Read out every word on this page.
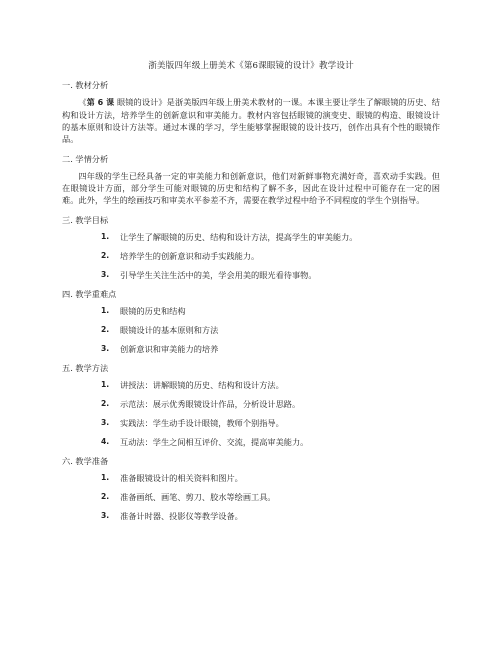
浙美版四年级上册美术《第6课眼镜的设计》教学设计
一. 教材分析
《第 6 课 眼镜的设计》是浙美版四年级上册美术教材的一课。本课主要让学生了解眼镜的历史、结构和设计方法，培养学生的创新意识和审美能力。教材内容包括眼镜的演变史、眼镜的构造、眼镜设计的基本原则和设计方法等。通过本课的学习，学生能够掌握眼镜的设计技巧，创作出具有个性的眼镜作品。
二. 学情分析
四年级的学生已经具备一定的审美能力和创新意识，他们对新鲜事物充满好奇，喜欢动手实践。但在眼镜设计方面，部分学生可能对眼镜的历史和结构了解不多，因此在设计过程中可能存在一定的困难。此外，学生的绘画技巧和审美水平参差不齐，需要在教学过程中给予不同程度的学生个别指导。
三. 教学目标
1. 让学生了解眼镜的历史、结构和设计方法，提高学生的审美能力。
2. 培养学生的创新意识和动手实践能力。
3. 引导学生关注生活中的美，学会用美的眼光看待事物。
四. 教学重难点
1. 眼镜的历史和结构
2. 眼镜设计的基本原则和方法
3. 创新意识和审美能力的培养
五. 教学方法
1. 讲授法：讲解眼镜的历史、结构和设计方法。
2. 示范法：展示优秀眼镜设计作品，分析设计思路。
3. 实践法：学生动手设计眼镜，教师个别指导。
4. 互动法：学生之间相互评价、交流，提高审美能力。
六. 教学准备
1. 准备眼镜设计的相关资料和图片。
2. 准备画纸、画笔、剪刀、胶水等绘画工具。
3. 准备计时器、投影仪等教学设备。
